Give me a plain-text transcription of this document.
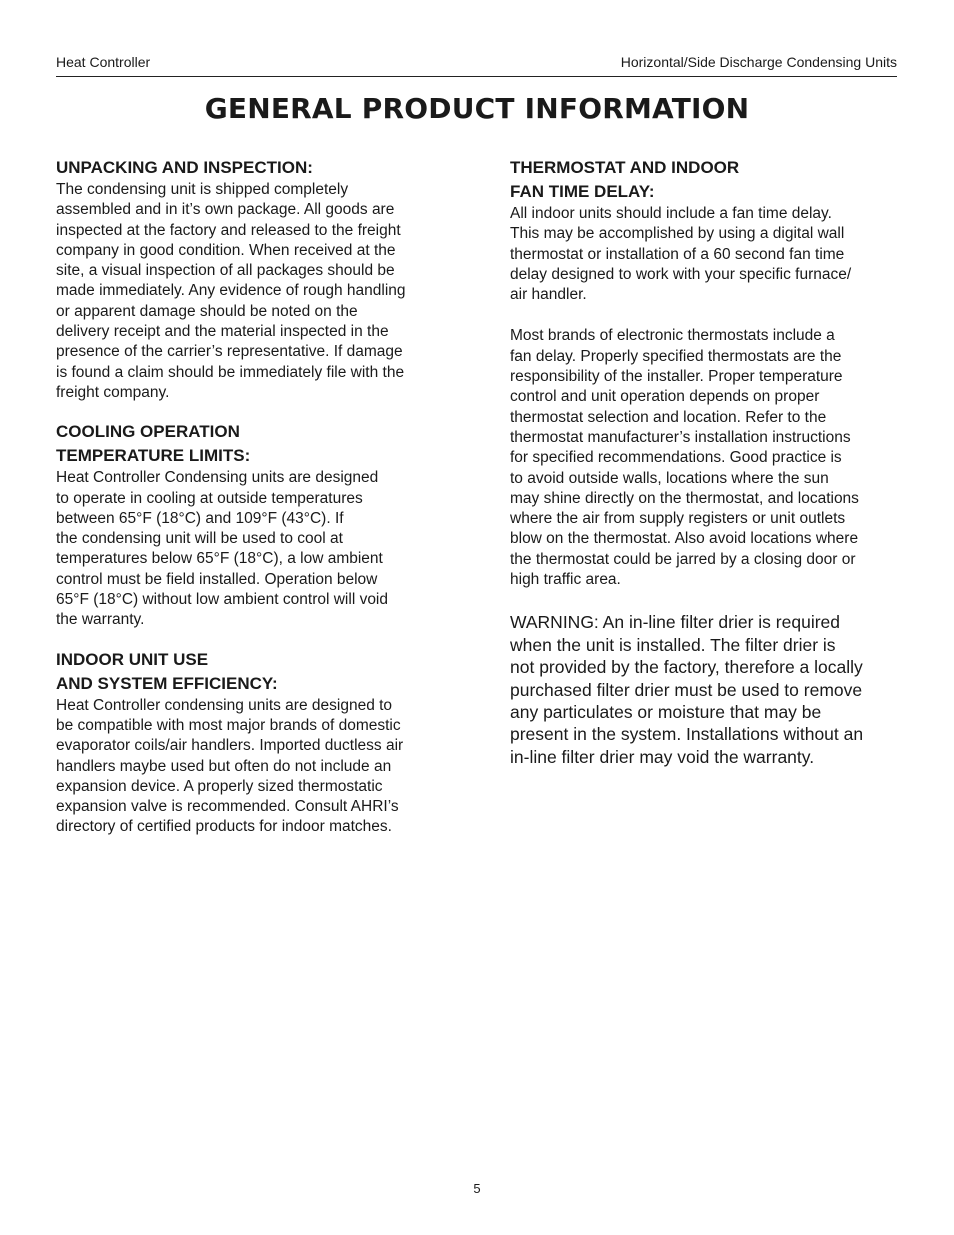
Heat Controller	Horizontal/Side Discharge Condensing Units
GENERAL PRODUCT INFORMATION

UNPACKING AND INSPECTION:

The condensing unit is shipped completely
assembled and in it’s own package. All goods are
inspected at the factory and released to the freight
company in good condition. When received at the
site, a visual inspection of all packages should be
made immediately. Any evidence of rough handling
or apparent damage should be noted on the
delivery receipt and the material inspected in the
presence of the carrier’s representative. If damage
is found a claim should be immediately file with the
freight company.

COOLING OPERATION
TEMPERATURE LIMITS:

Heat Controller Condensing units are designed
to operate in cooling at outside temperatures
between 65°F (18°C) and 109°F (43°C). If
the condensing unit will be used to cool at
temperatures below 65°F (18°C), a low ambient
control must be field installed. Operation below
65°F (18°C) without low ambient control will void
the warranty.

INDOOR UNIT USE
AND SYSTEM EFFICIENCY:

Heat Controller condensing units are designed to
be compatible with most major brands of domestic
evaporator coils/air handlers. Imported ductless air
handlers maybe used but often do not include an
expansion device. A properly sized thermostatic
expansion valve is recommended. Consult AHRI’s
directory of certified products for indoor matches.

THERMOSTAT AND INDOOR
FAN TIME DELAY:

All indoor units should include a fan time delay.
This may be accomplished by using a digital wall
thermostat or installation of a 60 second fan time
delay designed to work with your specific furnace/
air handler.

Most brands of electronic thermostats include a
fan delay. Properly specified thermostats are the
responsibility of the installer. Proper temperature
control and unit operation depends on proper
thermostat selection and location. Refer to the
thermostat manufacturer’s installation instructions
for specified recommendations. Good practice is
to avoid outside walls, locations where the sun
may shine directly on the thermostat, and locations
where the air from supply registers or unit outlets
blow on the thermostat. Also avoid locations where
the thermostat could be jarred by a closing door or
high traffic area.

WARNING: An in-line filter drier is required
when the unit is installed. The filter drier is
not provided by the factory, therefore a locally
purchased filter drier must be used to remove
any particulates or moisture that may be
present in the system. Installations without an
in-line filter drier may void the warranty.

5
